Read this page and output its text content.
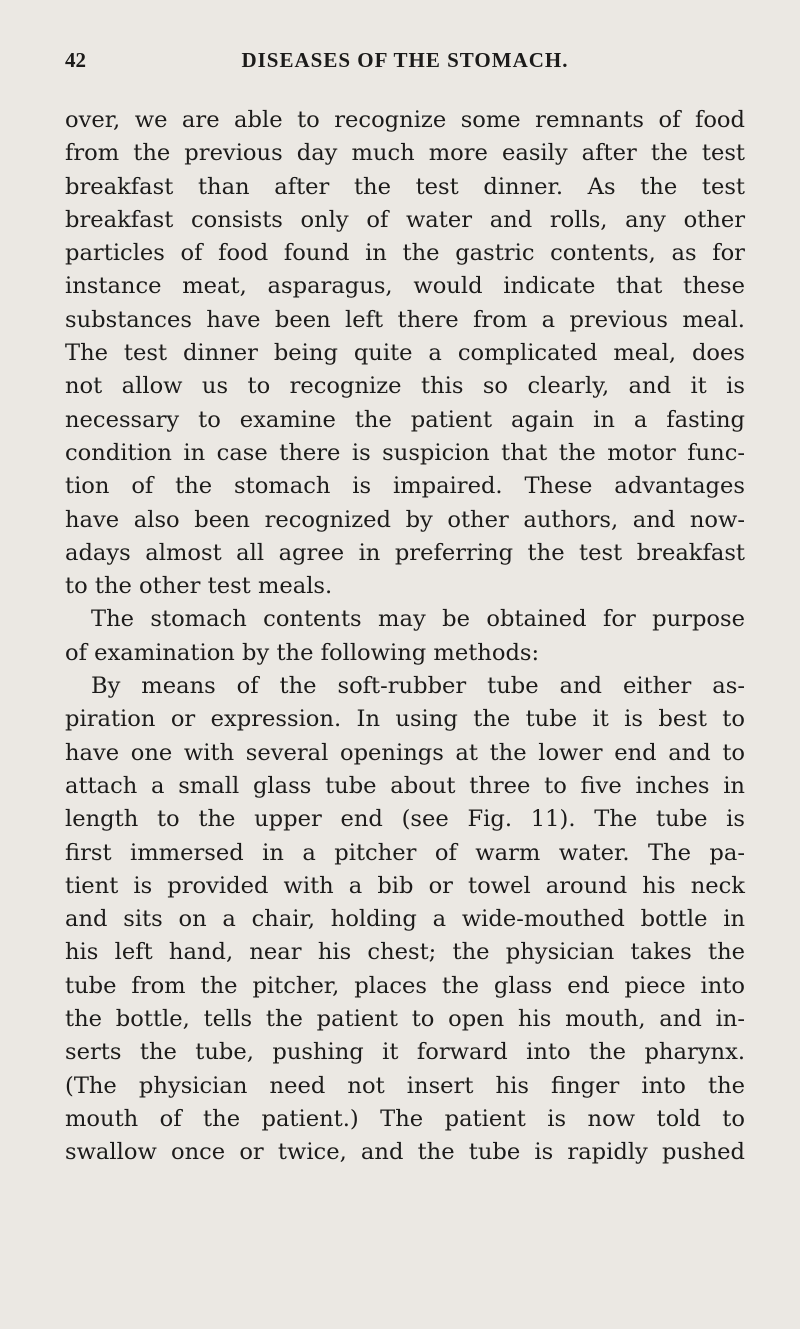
42	DISEASES OF THE STOMACH.
over, we are able to recognize some remnants of food
from the previous day much more easily after the test
breakfast than after the test dinner. As the test
breakfast consists only of water and rolls, any other
particles of food found in the gastric contents, as for
instance meat, asparagus, would indicate that these
substances have been left there from a previous meal.
The test dinner being quite a complicated meal, does
not allow us to recognize this so clearly, and it is
necessary to examine the patient again in a fasting
condition in case there is suspicion that the motor func-
tion of the stomach is impaired. These advantages
have also been recognized by other authors, and now-
adays almost all agree in preferring the test breakfast
to the other test meals.
The stomach contents may be obtained for purpose
of examination by the following methods:
By means of the soft-rubber tube and either as-
piration or expression. In using the tube it is best to
have one with several openings at the lower end and to
attach a small glass tube about three to five inches in
length to the upper end (see Fig. 11). The tube is
first immersed in a pitcher of warm water. The pa-
tient is provided with a bib or towel around his neck
and sits on a chair, holding a wide-mouthed bottle in
his left hand, near his chest; the physician takes the
tube from the pitcher, places the glass end piece into
the bottle, tells the patient to open his mouth, and in-
serts the tube, pushing it forward into the pharynx.
(The physician need not insert his finger into the
mouth of the patient.) The patient is now told to
swallow once or twice, and the tube is rapidly pushed
